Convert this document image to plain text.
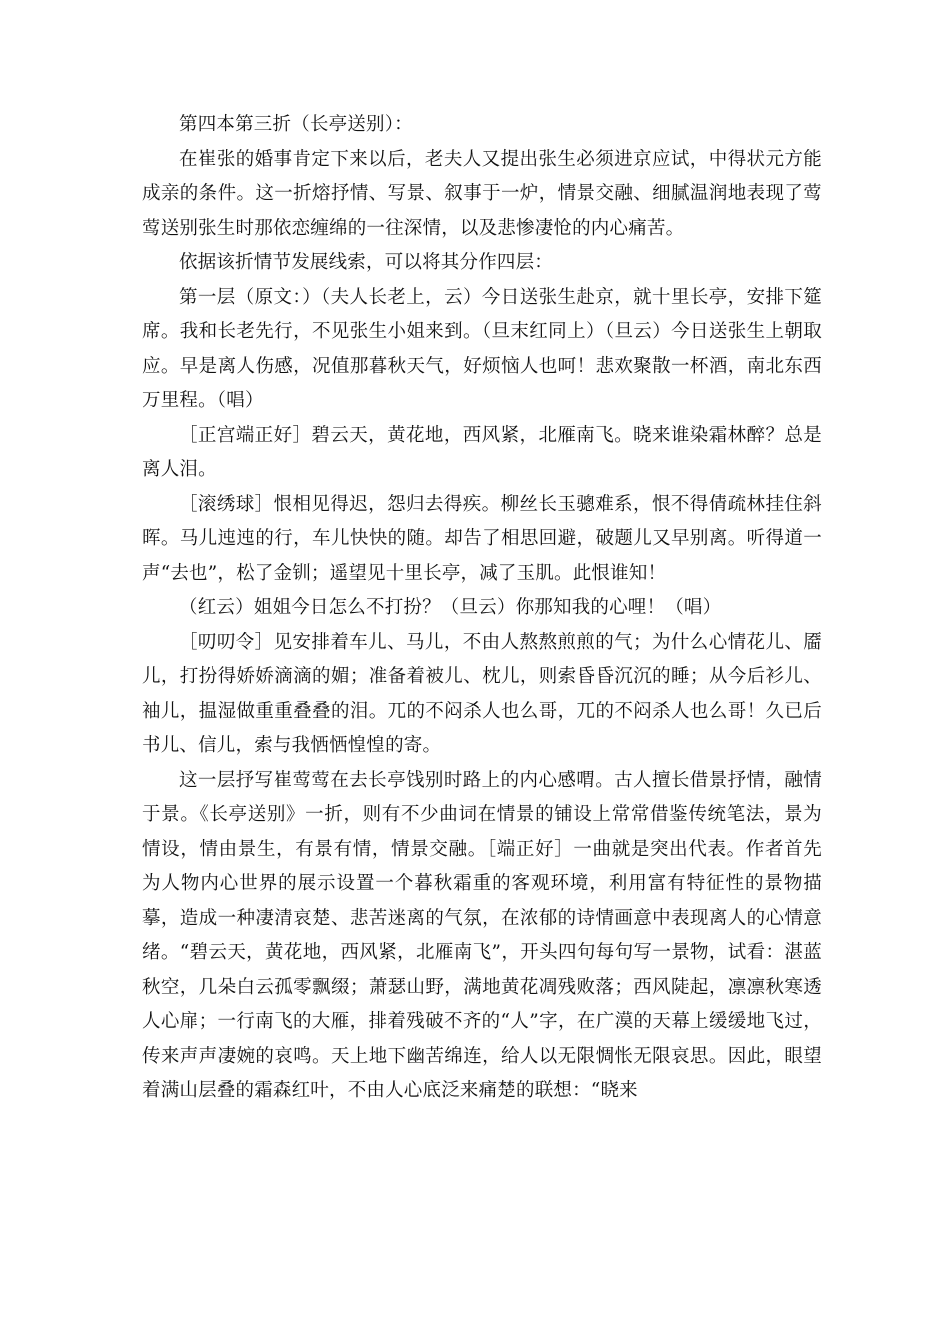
第四本第三折（长亭送别）：

在崔张的婚事肯定下来以后，老夫人又提出张生必须进京应试，中得状元方能成亲的条件。这一折熔抒情、写景、叙事于一炉，情景交融、细腻温润地表现了莺莺送别张生时那依恋缠绵的一往深情，以及悲惨凄怆的内心痛苦。

依据该折情节发展线索，可以将其分作四层：

第一层（原文：）（夫人长老上，云）今日送张生赴京，就十里长亭，安排下筵席。我和长老先行，不见张生小姐来到。（旦末红同上）（旦云）今日送张生上朝取应。早是离人伤感，况值那暮秋天气，好烦恼人也呵！悲欢聚散一杯酒，南北东西万里程。（唱）

［正宫端正好］碧云天，黄花地，西风紧，北雁南飞。晓来谁染霜林醉？总是离人泪。

［滚绣球］恨相见得迟，怨归去得疾。柳丝长玉骢难系，恨不得倩疏林挂住斜晖。马儿迍迍的行，车儿快快的随。却告了相思回避，破题儿又早别离。听得道一声“去也”，松了金钏；遥望见十里长亭，减了玉肌。此恨谁知！

（红云）姐姐今日怎么不打扮？（旦云）你那知我的心哩！（唱）

［叨叨令］见安排着车儿、马儿，不由人熬熬煎煎的气；为什么心情花儿、靥儿，打扮得娇娇滴滴的媚；准备着被儿、枕儿，则索昏昏沉沉的睡；从今后衫儿、袖儿，揾湿做重重叠叠的泪。兀的不闷杀人也么哥，兀的不闷杀人也么哥！久已后书儿、信儿，索与我恓恓惶惶的寄。

这一层抒写崔莺莺在去长亭饯别时路上的内心感喟。古人擅长借景抒情，融情于景。《长亭送别》一折，则有不少曲词在情景的铺设上常常借鉴传统笔法，景为情设，情由景生，有景有情，情景交融。［端正好］一曲就是突出代表。作者首先为人物内心世界的展示设置一个暮秋霜重的客观环境，利用富有特征性的景物描摹，造成一种凄清哀楚、悲苦迷离的气氛，在浓郁的诗情画意中表现离人的心情意绪。“碧云天，黄花地，西风紧，北雁南飞”，开头四句每句写一景物，试看：湛蓝秋空，几朵白云孤零飘缀；萧瑟山野，满地黄花凋残败落；西风陡起，凛凛秋寒透人心扉；一行南飞的大雁，排着残破不齐的“人”字，在广漠的天幕上缓缓地飞过，传来声声凄婉的哀鸣。天上地下幽苦绵连，给人以无限惆怅无限哀思。因此，眼望着满山层叠的霜森红叶，不由人心底泛来痛楚的联想：“晓来
